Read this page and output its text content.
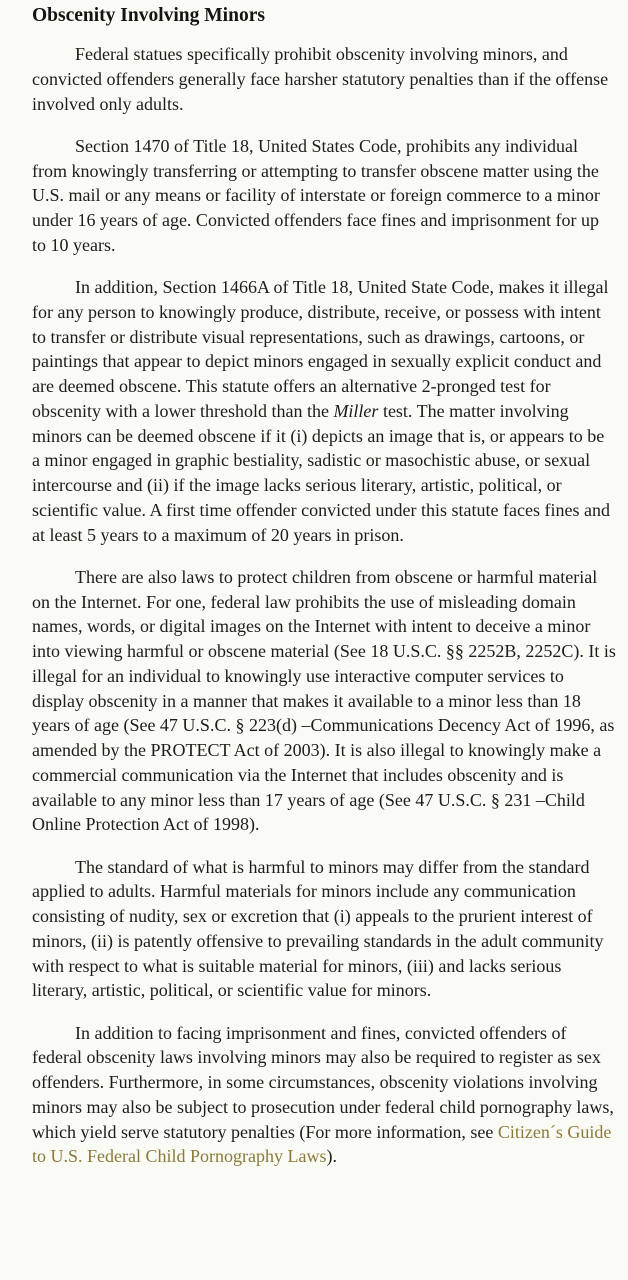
Obscenity Involving Minors

Federal statues specifically prohibit obscenity involving minors, and convicted offenders generally face harsher statutory penalties than if the offense involved only adults.

Section 1470 of Title 18, United States Code, prohibits any individual from knowingly transferring or attempting to transfer obscene matter using the U.S. mail or any means or facility of interstate or foreign commerce to a minor under 16 years of age. Convicted offenders face fines and imprisonment for up to 10 years.

In addition, Section 1466A of Title 18, United State Code, makes it illegal for any person to knowingly produce, distribute, receive, or possess with intent to transfer or distribute visual representations, such as drawings, cartoons, or paintings that appear to depict minors engaged in sexually explicit conduct and are deemed obscene. This statute offers an alternative 2-pronged test for obscenity with a lower threshold than the Miller test. The matter involving minors can be deemed obscene if it (i) depicts an image that is, or appears to be a minor engaged in graphic bestiality, sadistic or masochistic abuse, or sexual intercourse and (ii) if the image lacks serious literary, artistic, political, or scientific value. A first time offender convicted under this statute faces fines and at least 5 years to a maximum of 20 years in prison.

There are also laws to protect children from obscene or harmful material on the Internet. For one, federal law prohibits the use of misleading domain names, words, or digital images on the Internet with intent to deceive a minor into viewing harmful or obscene material (See 18 U.S.C. §§ 2252B, 2252C). It is illegal for an individual to knowingly use interactive computer services to display obscenity in a manner that makes it available to a minor less than 18 years of age (See 47 U.S.C. § 223(d) –Communications Decency Act of 1996, as amended by the PROTECT Act of 2003). It is also illegal to knowingly make a commercial communication via the Internet that includes obscenity and is available to any minor less than 17 years of age (See 47 U.S.C. § 231 –Child Online Protection Act of 1998).

The standard of what is harmful to minors may differ from the standard applied to adults. Harmful materials for minors include any communication consisting of nudity, sex or excretion that (i) appeals to the prurient interest of minors, (ii) is patently offensive to prevailing standards in the adult community with respect to what is suitable material for minors, (iii) and lacks serious literary, artistic, political, or scientific value for minors.

In addition to facing imprisonment and fines, convicted offenders of federal obscenity laws involving minors may also be required to register as sex offenders. Furthermore, in some circumstances, obscenity violations involving minors may also be subject to prosecution under federal child pornography laws, which yield serve statutory penalties (For more information, see Citizen´s Guide to U.S. Federal Child Pornography Laws).
